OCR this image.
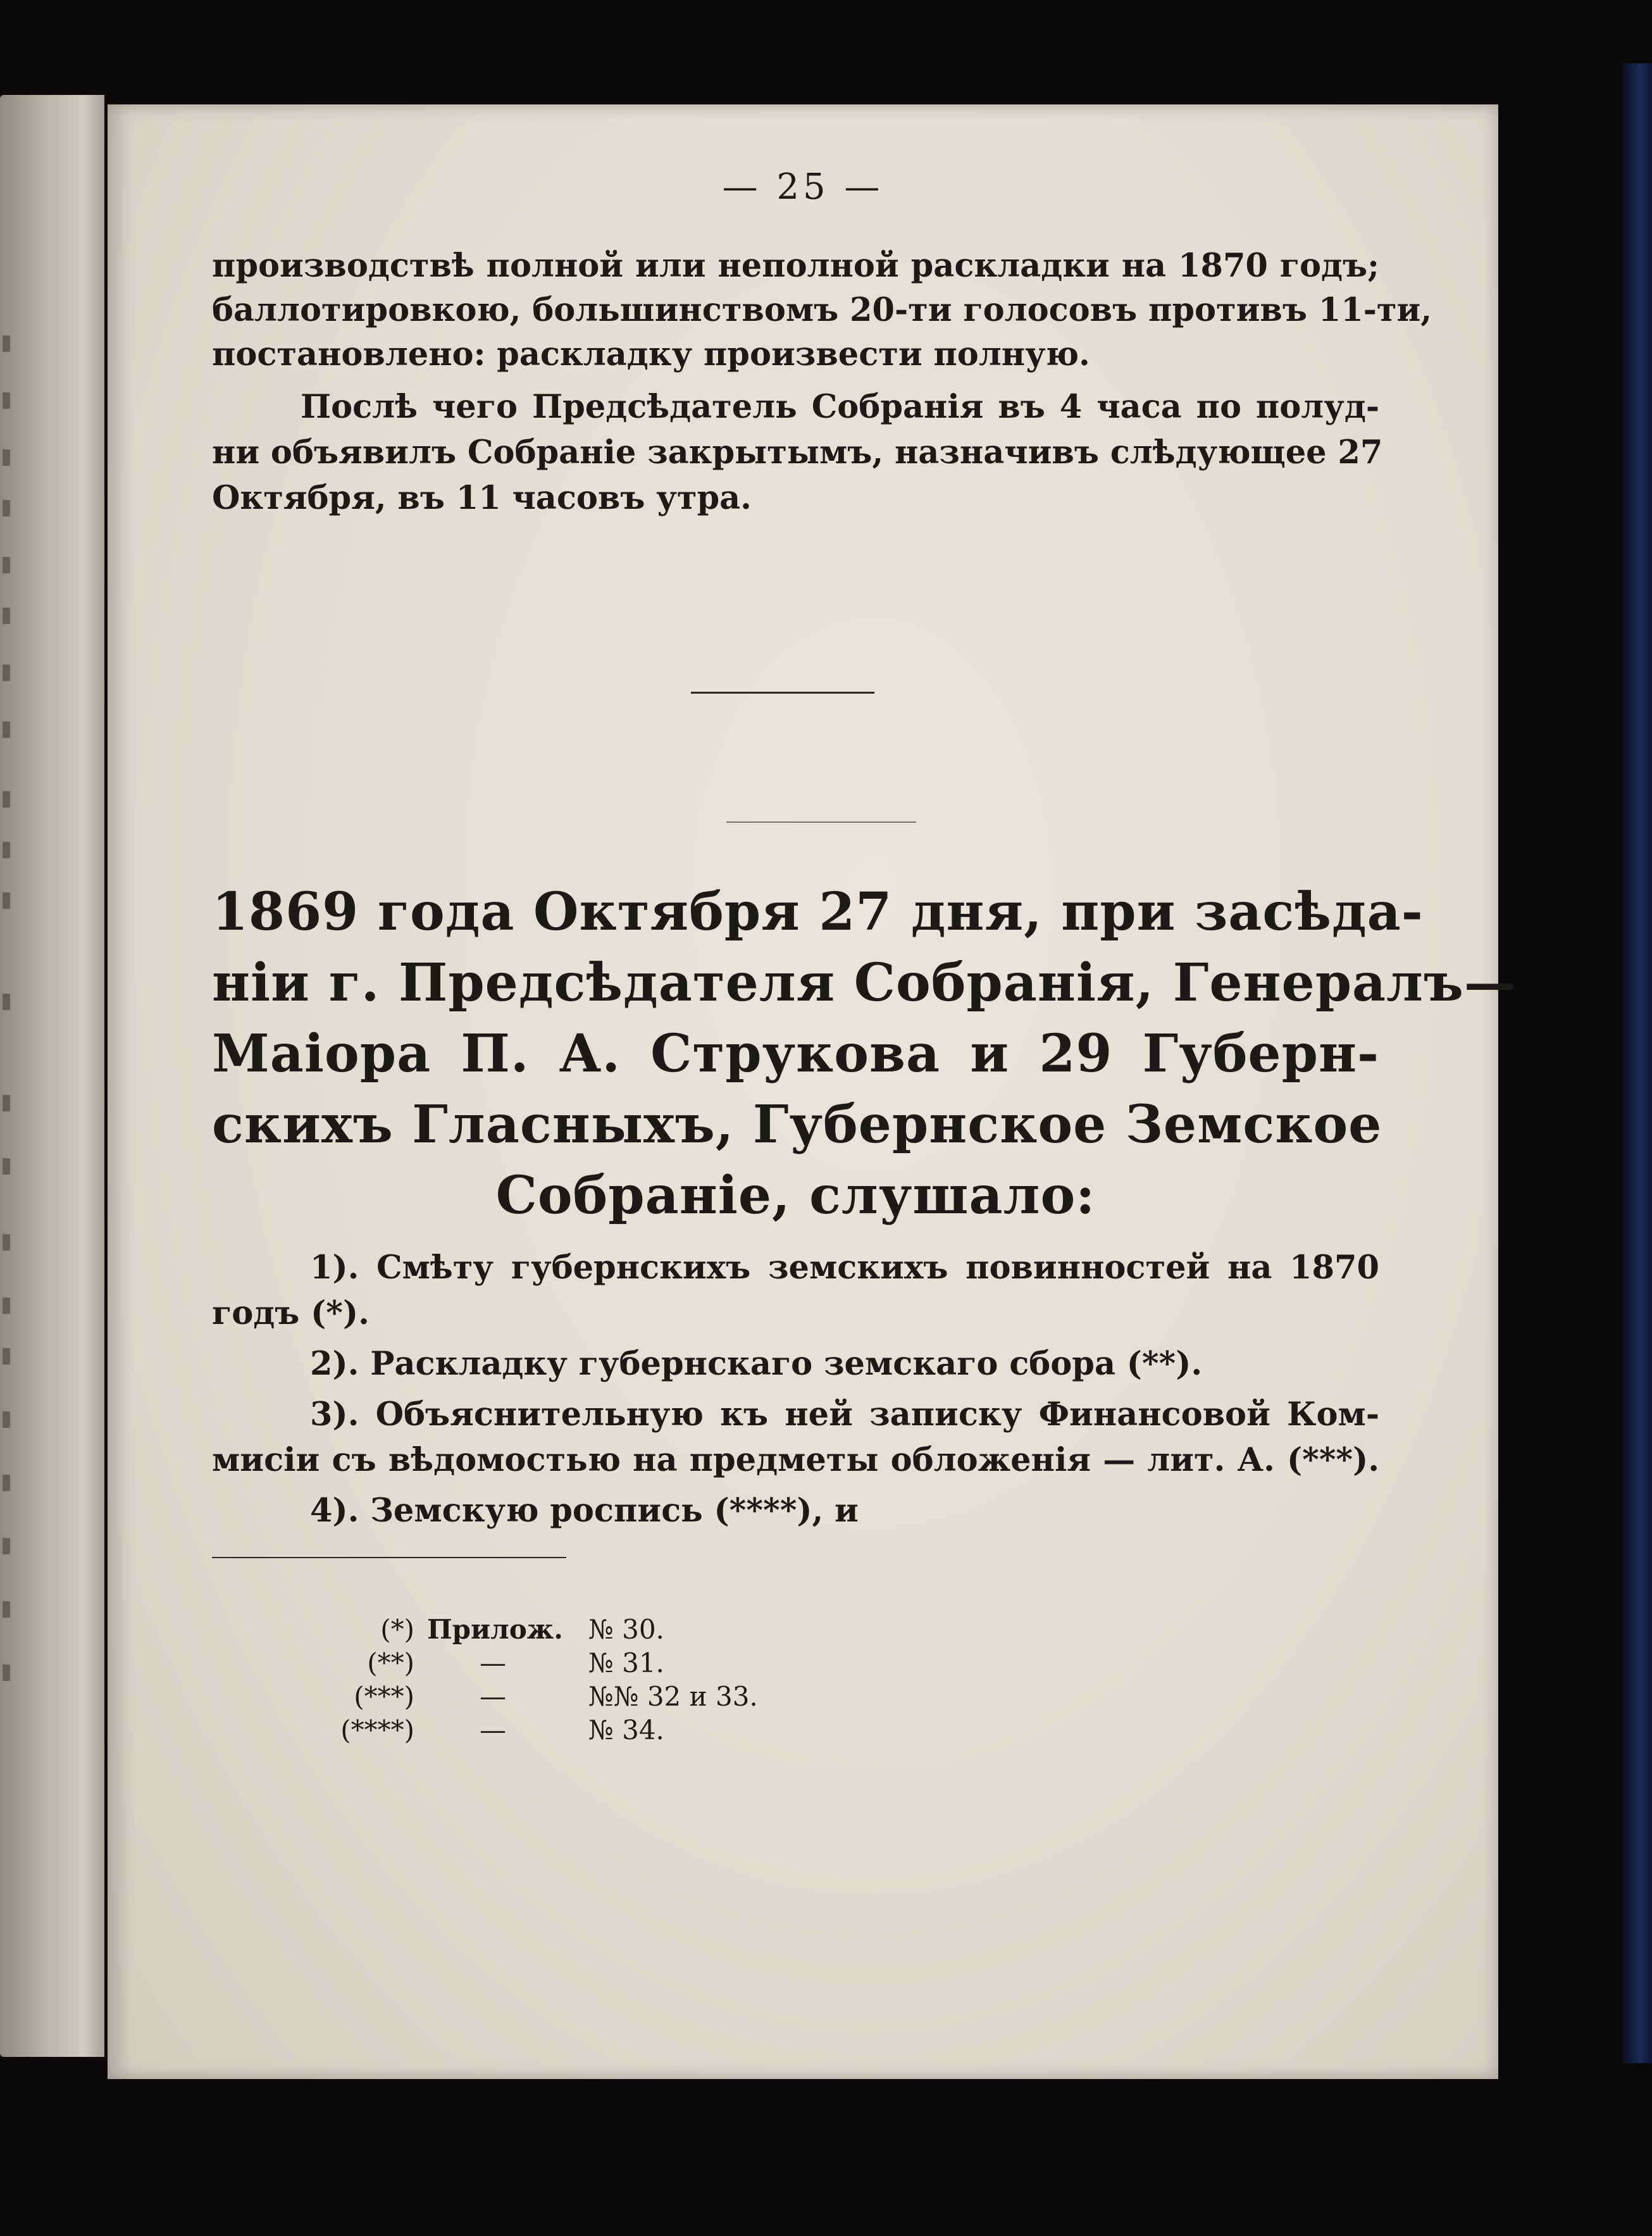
— 25 —
производствѣ полной или неполной раскладки на 1870 годъ;
баллотировкою, большинствомъ 20-ти голосовъ противъ 11-ти,
постановлено: раскладку произвести полную.
Послѣ чего Предсѣдатель Собранія въ 4 часа по полуд-
ни объявилъ Собраніе закрытымъ, назначивъ слѣдующее 27
Октября, въ 11 часовъ утра.
1869 года Октября 27 дня, при засѣда-
ніи г. Предсѣдателя Собранія, Генералъ—
Маіора П. А. Струкова и 29 Губерн-
скихъ Гласныхъ, Губернское Земское
Собраніе, слушало:
1). Смѣту губернскихъ земскихъ повинностей на 1870
годъ (*).
2). Раскладку губернскаго земскаго сбора (**).
3). Объяснительную къ ней записку Финансовой Ком-
мисіи съ вѣдомостью на предметы обложенія — лит. А. (***).
4). Земскую роспись (****), и
(*) Прилож. № 30.
(**) —	№ 31.
(***) —	№№ 32 и 33.
(****) —	№ 34.
